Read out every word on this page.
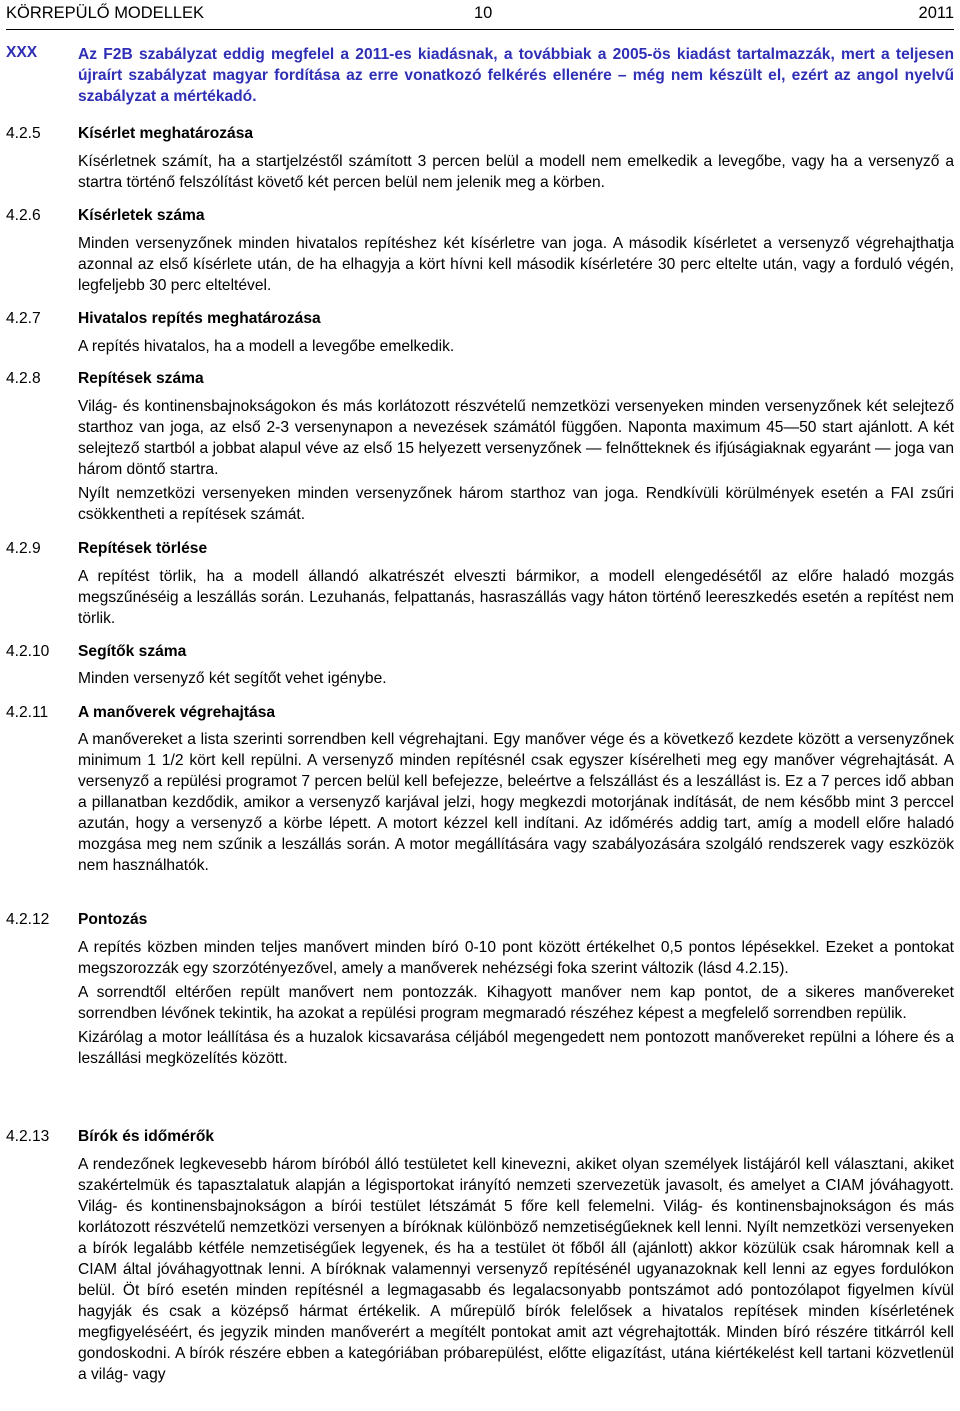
KÖRREPÜLŐ MODELLEK	10	2011
XXX	Az F2B szabályzat eddig megfelel a 2011-es kiadásnak, a továbbiak a 2005-ös kiadást tartalmazzák, mert a teljesen újraírt szabályzat magyar fordítása az erre vonatkozó felkérés ellenére – még nem készült el, ezért az angol nyelvű szabályzat a mértékadó.

4.2.5 Kísérlet meghatározása

Kísérletnek számít, ha a startjelzéstől számított 3 percen belül a modell nem emelkedik a levegőbe, vagy ha a versenyző a startra történő felszólítást követő két percen belül nem jelenik meg a körben.

4.2.6 Kísérletek száma

Minden versenyzőnek minden hivatalos repítéshez két kísérletre van joga. A második kísérletet a versenyző végrehajthatja azonnal az első kísérlete után, de ha elhagyja a kört hívni kell második kísérletére 30 perc eltelte után, vagy a forduló végén, legfeljebb 30 perc elteltével.

4.2.7 Hivatalos repítés meghatározása

A repítés hivatalos, ha a modell a levegőbe emelkedik.

4.2.8 Repítések száma

Világ- és kontinensbajnokságokon és más korlátozott részvételű nemzetközi versenyeken minden versenyzőnek két selejtező starthoz van joga, az első 2-3 versenynapon a nevezések számától függően. Naponta maximum 45—50 start ajánlott. A két selejtező startból a jobbat alapul véve az első 15 helyezett versenyzőnek — felnőtteknek és ifjúságiaknak egyaránt — joga van három döntő startra.

Nyílt nemzetközi versenyeken minden versenyzőnek három starthoz van joga. Rendkívüli körülmények esetén a FAI zsűri csökkentheti a repítések számát.

4.2.9 Repítések törlése

A repítést törlik, ha a modell állandó alkatrészét elveszti bármikor, a modell elengedésétől az előre haladó mozgás megszűnéséig a leszállás során. Lezuhanás, felpattanás, hasraszállás vagy háton történő leereszkedés esetén a repítést nem törlik.

4.2.10 Segítők száma

Minden versenyző két segítőt vehet igénybe.

4.2.11 A manőverek végrehajtása

A manővereket a lista szerinti sorrendben kell végrehajtani. Egy manőver vége és a következő kezdete között a versenyzőnek minimum 1 1/2 kört kell repülni. A versenyző minden repítésnél csak egyszer kísérelheti meg egy manőver végrehajtását. A versenyző a repülési programot 7 percen belül kell befejezze, beleértve a felszállást és a leszállást is. Ez a 7 perces idő abban a pillanatban kezdődik, amikor a versenyző karjával jelzi, hogy megkezdi motorjának indítását, de nem később mint 3 perccel azután, hogy a versenyző a körbe lépett. A motort kézzel kell indítani. Az időmérés addig tart, amíg a modell előre haladó mozgása meg nem szűnik a leszállás során. A motor megállítására vagy szabályozására szolgáló rendszerek vagy eszközök nem használhatók.

4.2.12 Pontozás

A repítés közben minden teljes manővert minden bíró 0-10 pont között értékelhet 0,5 pontos lépésekkel. Ezeket a pontokat megszorozzák egy szorzótényezővel, amely a manőverek nehézségi foka szerint változik (lásd 4.2.15).

A sorrendtől eltérően repült manővert nem pontozzák. Kihagyott manőver nem kap pontot, de a sikeres manővereket sorrendben lévőnek tekintik, ha azokat a repülési program megmaradó részéhez képest a megfelelő sorrendben repülik.

Kizárólag a motor leállítása és a huzalok kicsavarása céljából megengedett nem pontozott manővereket repülni a lóhere és a leszállási megközelítés között.

4.2.13 Bírók és időmérők

A rendezőnek legkevesebb három bíróból álló testületet kell kinevezni, akiket olyan személyek listájáról kell választani, akiket szakértelmük és tapasztalatuk alapján a légisportokat irányító nemzeti szervezetük javasolt, és amelyet a CIAM jóváhagyott. Világ- és kontinensbajnokságon a bírói testület létszámát 5 főre kell felemelni. Világ- és kontinensbajnokságon és más korlátozott részvételű nemzetközi versenyen a bíróknak különböző nemzetiségűeknek kell lenni. Nyílt nemzetközi versenyeken a bírók legalább kétféle nemzetiségűek legyenek, és ha a testület öt főből áll (ajánlott) akkor közülük csak háromnak kell a CIAM által jóváhagyottnak lenni. A bíróknak valamennyi versenyző repítésénél ugyanazoknak kell lenni az egyes fordulókon belül. Öt bíró esetén minden repítésnél a legmagasabb és legalacsonyabb pontszámot adó pontozólapot figyelmen kívül hagyják és csak a középső hármat értékelik. A műrepülő bírók felelősek a hivatalos repítések minden kísérletének megfigyeléséért, és jegyzik minden manőverért a megítélt pontokat amit azt végrehajtották. Minden bíró részére titkárról kell gondoskodni. A bírók részére ebben a kategóriában próbarepülést, előtte eligazítást, utána kiértékelést kell tartani közvetlenül a világ- vagy
